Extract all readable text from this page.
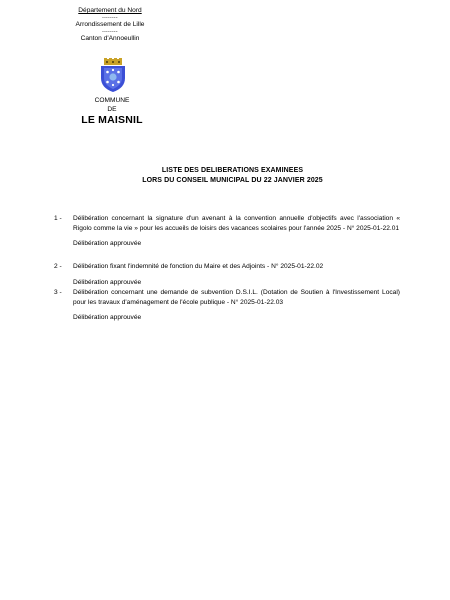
Département du Nord
--------
Arrondissement de Lille
--------
Canton d'Annoeullin
COMMUNE
DE
LE MAISNIL
LISTE DES DELIBERATIONS EXAMINEES
LORS DU CONSEIL MUNICIPAL DU 22 JANVIER 2025
1 - Délibération concernant la signature d'un avenant à la convention annuelle d'objectifs avec l'association « Rigolo comme la vie » pour les accueils de loisirs des vacances scolaires pour l'année 2025 - N° 2025-01-22.01
Délibération approuvée
2 - Délibération fixant l'indemnité de fonction du Maire et des Adjoints - N° 2025-01-22.02
Délibération approuvée
3 - Délibération concernant une demande de subvention D.S.I.L. (Dotation de Soutien à l'Investissement Local) pour les travaux d'aménagement de l'école publique - N° 2025-01-22.03
Délibération approuvée
